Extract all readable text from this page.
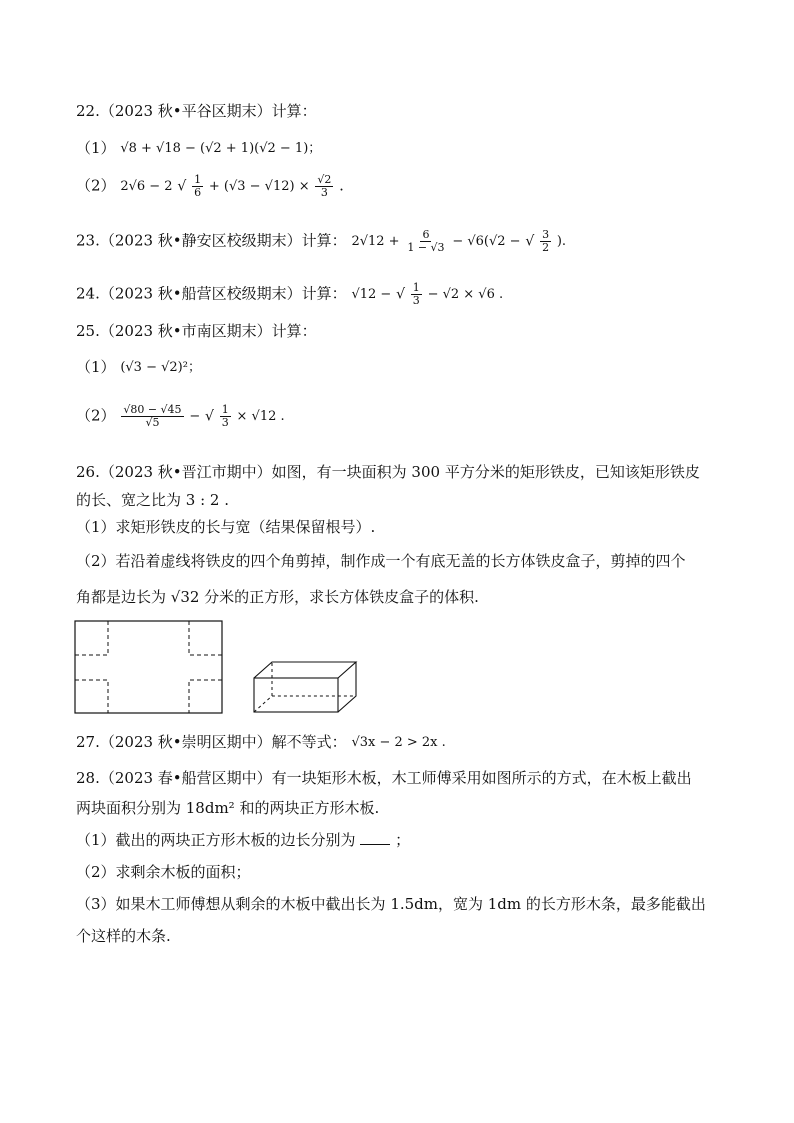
22.（2023 秋•平谷区期末）计算：
（1） √8 + √18 − (√2 + 1)(√2 − 1)；
（2） 2√6 − 2 √ $\frac{1}{6} + (√3 - √12) \times \frac{√2}{3}$ .
23.（2023 秋•静安区校级期末）计算： $2√12 + \frac{6}{1 - √3} - √6(√2$ − √ $\frac{3}{2}$ ).
24.（2023 秋•船营区校级期末）计算： √12 − √ $\frac{1}{3} - √2 \times √6$ .
25.（2023 秋•市南区期末）计算：
（1） (√3 − √2)²；
$(2) \frac{√80 - √45}{√5}$ − √ $\frac{1}{3} \times √12$ .
26.（2023 秋•晋江市期中）如图，有一块面积为 300 平方分米的矩形铁皮，已知该矩形铁皮
的长、宽之比为 3 : 2 .
（1）求矩形铁皮的长与宽（结果保留根号）.
（2）若沿着虚线将铁皮的四个角剪掉，制作成一个有底无盖的长方体铁皮盒子，剪掉的四个
角都是边长为 √32 分米的正方形，求长方体铁皮盒子的体积.
27.（2023 秋•崇明区期中）解不等式： √3x − 2 > 2x .
28.（2023 春•船营区期中）有一块矩形木板，木工师傅采用如图所示的方式，在木板上截出
两块面积分别为 18dm² 和的两块正方形木板.
（1）截出的两块正方形木板的边长分别为	；
（2）求剩余木板的面积；
（3）如果木工师傅想从剩余的木板中截出长为 1.5dm，宽为 1dm 的长方形木条，最多能截出
个这样的木条.
